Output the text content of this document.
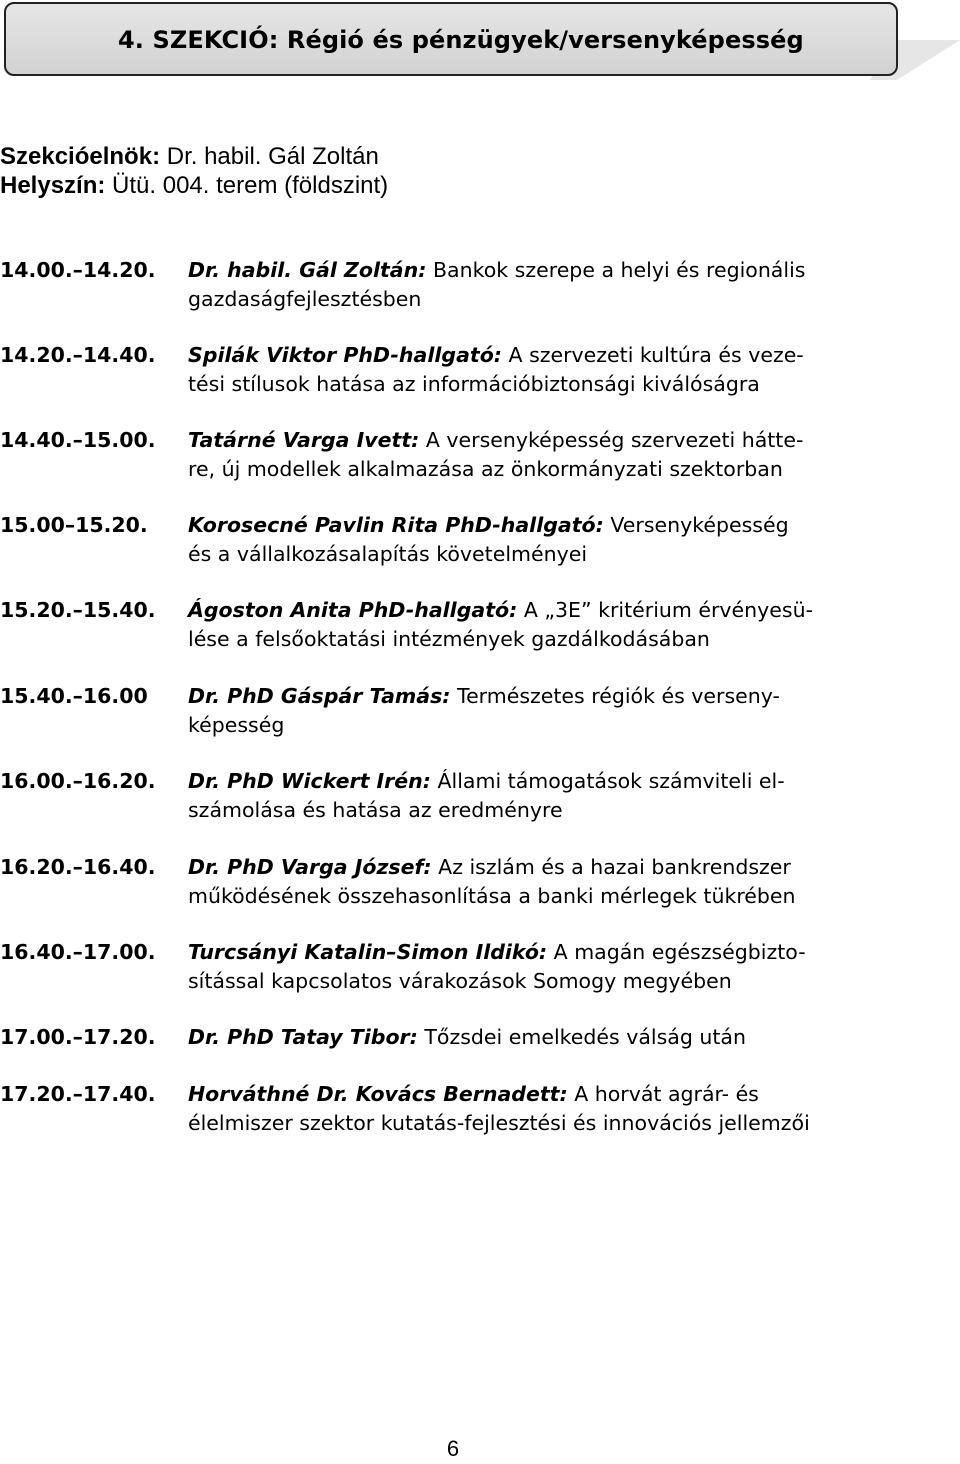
4. SZEKCIÓ: Régió és pénzügyek/versenyképesség
Szekcióelnök: Dr. habil. Gál Zoltán
Helyszín: Ütü. 004. terem (földszint)
14.00.–14.20. Dr. habil. Gál Zoltán: Bankok szerepe a helyi és regionális
gazdaságfejlesztésben
14.20.–14.40. Spilák Viktor PhD-hallgató: A szervezeti kultúra és veze-
tési stílusok hatása az információbiztonsági kiválóságra
14.40.–15.00. Tatárné Varga Ivett: A versenyképesség szervezeti hátte-
re, új modellek alkalmazása az önkormányzati szektorban
15.00–15.20. Korosecné Pavlin Rita PhD-hallgató: Versenyképesség
és a vállalkozásalapítás követelményei
15.20.–15.40. Ágoston Anita PhD-hallgató: A „3E” kritérium érvényesü-
lése a felsőoktatási intézmények gazdálkodásában
15.40.–16.00 Dr. PhD Gáspár Tamás: Természetes régiók és verseny-
képesség
16.00.–16.20. Dr. PhD Wickert Irén: Állami támogatások számviteli el-
számolása és hatása az eredményre
16.20.–16.40. Dr. PhD Varga József: Az iszlám és a hazai bankrendszer
működésének összehasonlítása a banki mérlegek tükrében
16.40.–17.00. Turcsányi Katalin–Simon Ildikó: A magán egészségbizto-
sítással kapcsolatos várakozások Somogy megyében
17.00.–17.20. Dr. PhD Tatay Tibor: Tőzsdei emelkedés válság után
17.20.–17.40. Horváthné Dr. Kovács Bernadett: A horvát agrár- és
élelmiszer szektor kutatás-fejlesztési és innovációs jellemzői
6
